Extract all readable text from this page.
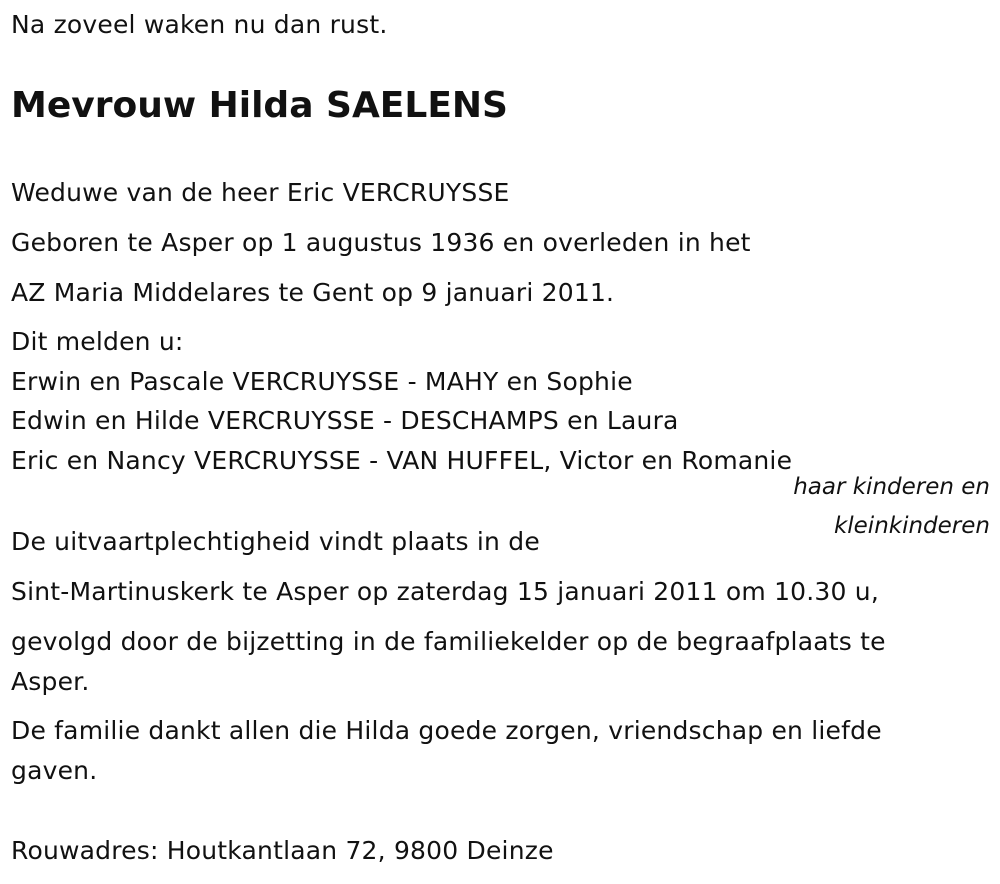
Na zoveel waken nu dan rust.
Mevrouw Hilda SAELENS
Weduwe van de heer Eric VERCRUYSSE
Geboren te Asper op 1 augustus 1936 en overleden in het
AZ Maria Middelares te Gent op 9 januari 2011.
Dit melden u:
Erwin en Pascale VERCRUYSSE - MAHY en Sophie
Edwin en Hilde VERCRUYSSE - DESCHAMPS en Laura
Eric en Nancy VERCRUYSSE - VAN HUFFEL, Victor en Romanie
haar kinderen en
kleinkinderen
De uitvaartplechtigheid vindt plaats in de
Sint-Martinuskerk te Asper op zaterdag 15 januari 2011 om 10.30 u,
gevolgd door de bijzetting in de familiekelder op de begraafplaats te
Asper.
De familie dankt allen die Hilda goede zorgen, vriendschap en liefde
gaven.
Rouwadres: Houtkantlaan 72, 9800 Deinze
